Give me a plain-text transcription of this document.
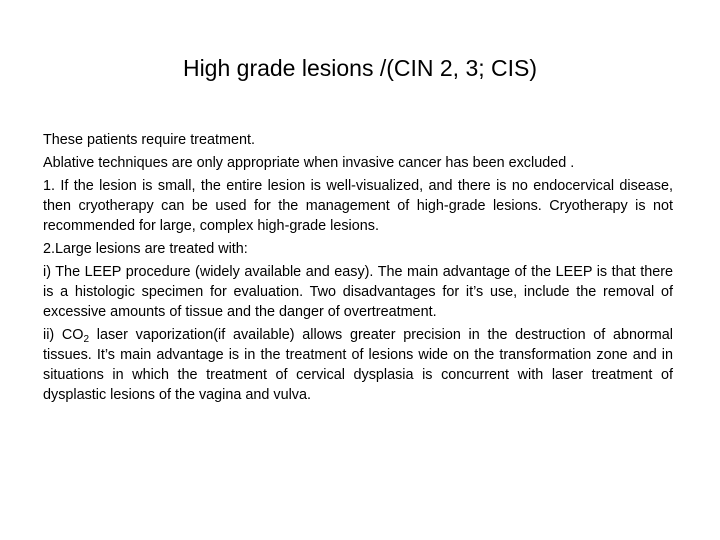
High grade lesions /(CIN 2, 3; CIS)

These patients require treatment.

Ablative techniques are only appropriate when invasive cancer has been excluded .

1. If the lesion is small, the entire lesion is well-visualized, and there is no endocervical disease, then cryotherapy can be used for the management of high-grade lesions. Cryotherapy is not recommended for large, complex high-grade lesions.

2.Large lesions are treated with:

i) The LEEP procedure (widely available and easy). The main advantage of the LEEP is that there is a histologic specimen for evaluation. Two disadvantages for it’s use, include the removal of excessive amounts of tissue and the danger of overtreatment.

ii) $CO_2$ laser vaporization(if available) allows greater precision in the destruction of abnormal tissues. It’s main advantage is in the treatment of lesions wide on the transformation zone and in situations in which the treatment of cervical dysplasia is concurrent with laser treatment of dysplastic lesions of the vagina and vulva.
